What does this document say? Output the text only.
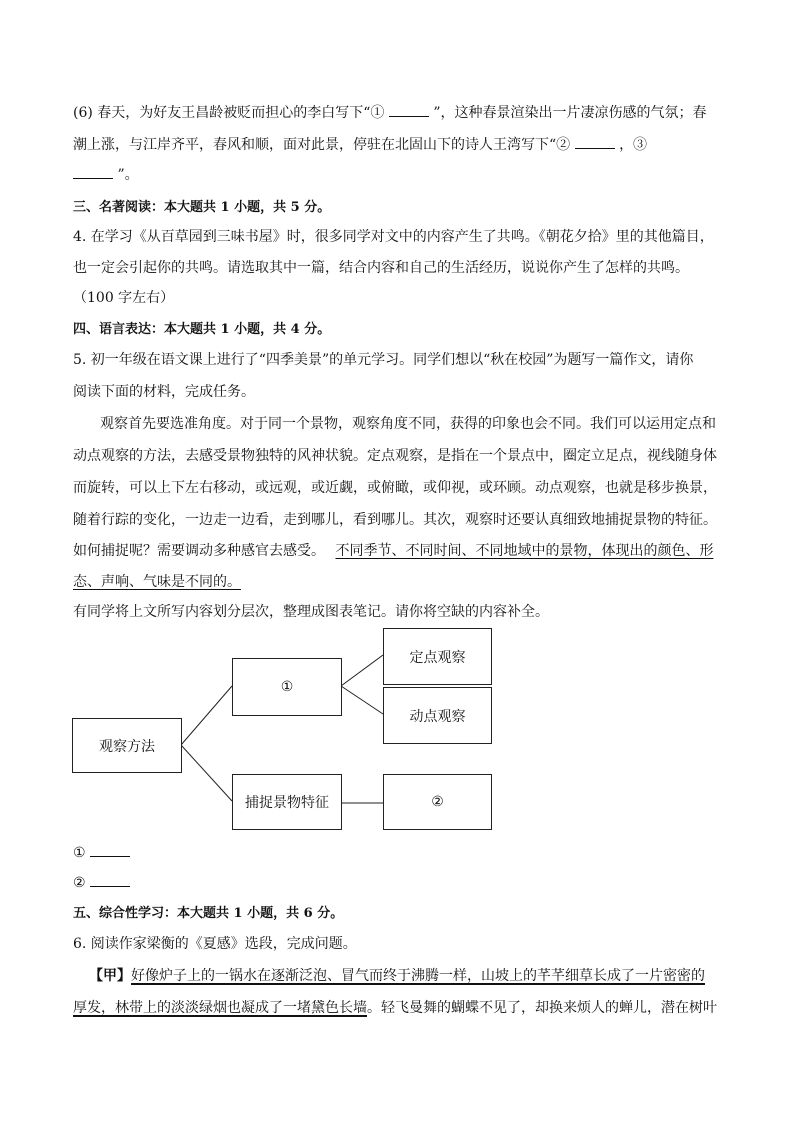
(6) 春天，为好友王昌龄被贬而担心的李白写下“①	”，这种春景渲染出一片凄凉伤感的气氛；春
潮上涨，与江岸齐平，春风和顺，面对此景，停驻在北固山下的诗人王湾写下“②	，③
”。
三、名著阅读：本大题共 1 小题，共 5 分。
4. 在学习《从百草园到三味书屋》时，很多同学对文中的内容产生了共鸣。《朝花夕拾》里的其他篇目，
也一定会引起你的共鸣。请选取其中一篇，结合内容和自己的生活经历，说说你产生了怎样的共鸣。
（100 字左右）
四、语言表达：本大题共 1 小题，共 4 分。
5. 初一年级在语文课上进行了“四季美景”的单元学习。同学们想以“秋在校园”为题写一篇作文，请你
阅读下面的材料，完成任务。
观察首先要选准角度。对于同一个景物，观察角度不同，获得的印象也会不同。我们可以运用定点和
动点观察的方法，去感受景物独特的风神状貌。定点观察，是指在一个景点中，圈定立足点，视线随身体
而旋转，可以上下左右移动，或远观，或近觑，或俯瞰，或仰视，或环顾。动点观察，也就是移步换景，
随着行踪的变化，一边走一边看，走到哪儿，看到哪儿。其次，观察时还要认真细致地捕捉景物的特征。
如何捕捉呢？需要调动多种感官去感受。 不同季节、不同时间、不同地域中的景物，体现出的颜色、形
态、声响、气味是不同的。
有同学将上文所写内容划分层次，整理成图表笔记。请你将空缺的内容补全。
观察方法
①
定点观察
动点观察
捕捉景物特征	②
①
②
五、综合性学习：本大题共 1 小题，共 6 分。
6. 阅读作家梁衡的《夏感》选段，完成问题。
【甲】好像炉子上的一锅水在逐渐泛泡、冒气而终于沸腾一样，山坡上的芊芊细草长成了一片密密的
厚发，林带上的淡淡绿烟也凝成了一堵黛色长墙。轻飞曼舞的蝴蝶不见了，却换来烦人的蝉儿，潜在树叶
